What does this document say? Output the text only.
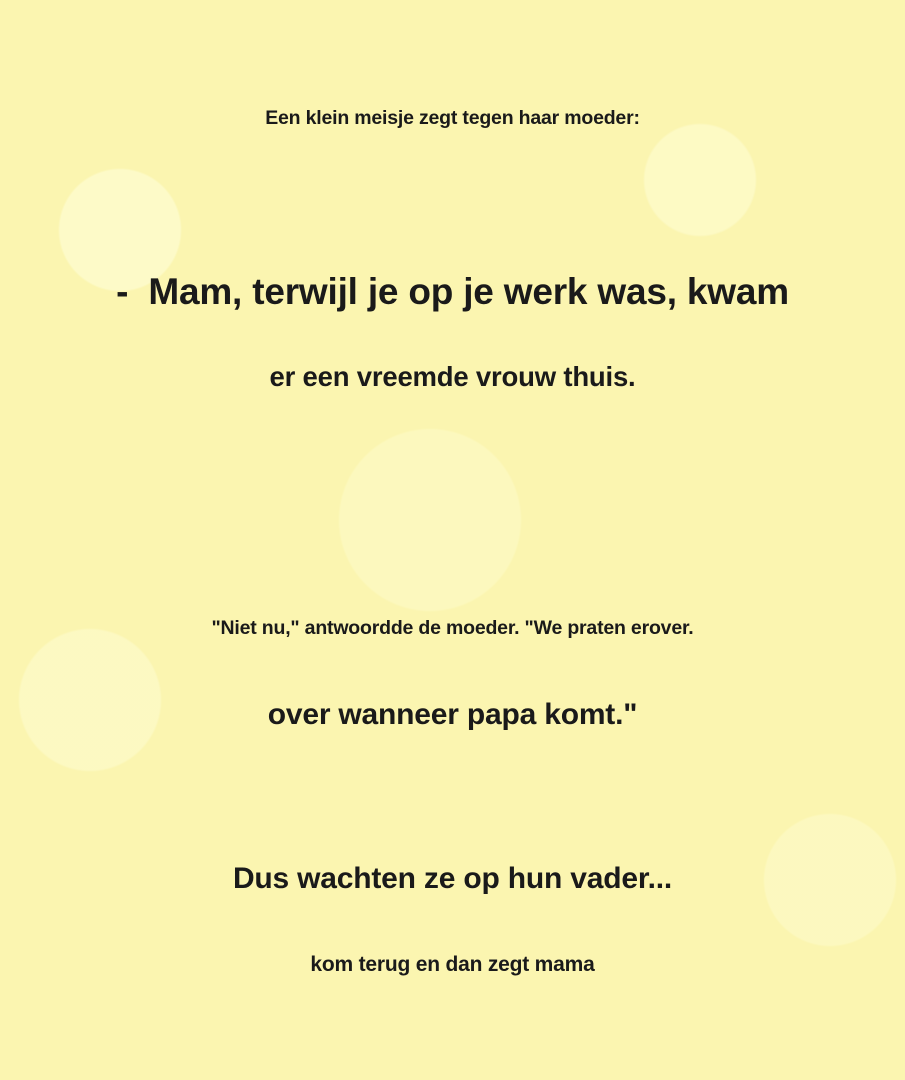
Een klein meisje zegt tegen haar moeder:
-  Mam, terwijl je op je werk was, kwam
er een vreemde vrouw thuis.
"Niet nu," antwoordde de moeder. "We praten erover.
over wanneer papa komt."
Dus wachten ze op hun vader...
kom terug en dan zegt mama
